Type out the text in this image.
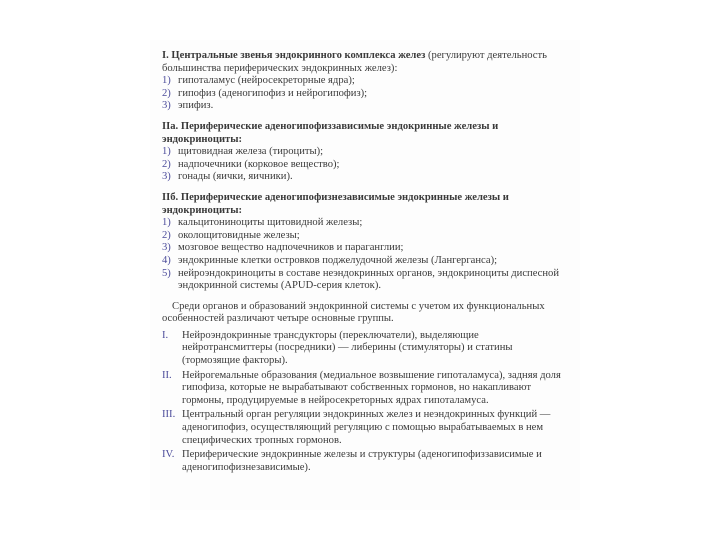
I. Центральные звенья эндокринного комплекса желез (регулируют деятельность большинства периферических эндокринных желез):

1) гипоталамус (нейросекреторные ядра);
2) гипофиз (аденогипофиз и нейрогипофиз);
3) эпифиз.

IIа. Периферические аденогипофиззависимые эндокринные железы и эндокриноциты:

1) щитовидная железа (тироциты);
2) надпочечники (корковое вещество);
3) гонады (яички, яичники).

IIб. Периферические аденогипофизнезависимые эндокринные железы и эндокриноциты:

1) кальцитониноциты щитовидной железы;
2) околощитовидные железы;
3) мозговое вещество надпочечников и параганглии;
4) эндокринные клетки островков поджелудочной железы (Лангерганса);
5) нейроэндокриноциты в составе неэндокринных органов, эндокриноциты диспесной эндокринной системы (APUD-серия клеток).

Среди органов и образований эндокринной системы с учетом их функциональных особенностей различают четыре основные группы.

I.	Нейроэндокринные трансдукторы (переключатели), выделяющие нейротрансмиттеры (посредники) — либерины (стимуляторы) и статины (тормозящие факторы).
II. Нейрогемальные образования (медиальное возвышение гипоталамуса), задняя доля гипофиза, которые не вырабатывают собственных гормонов, но накапливают гормоны, продуцируемые в нейросекреторных ядрах гипоталамуса.
III. Центральный орган регуляции эндокринных желез и неэндокринных функций — аденогипофиз, осуществляющий регуляцию с помощью вырабатываемых в нем специфических тропных гормонов.
IV. Периферические эндокринные железы и структуры (аденогипофиззависимые и аденогипофизнезависимые).
